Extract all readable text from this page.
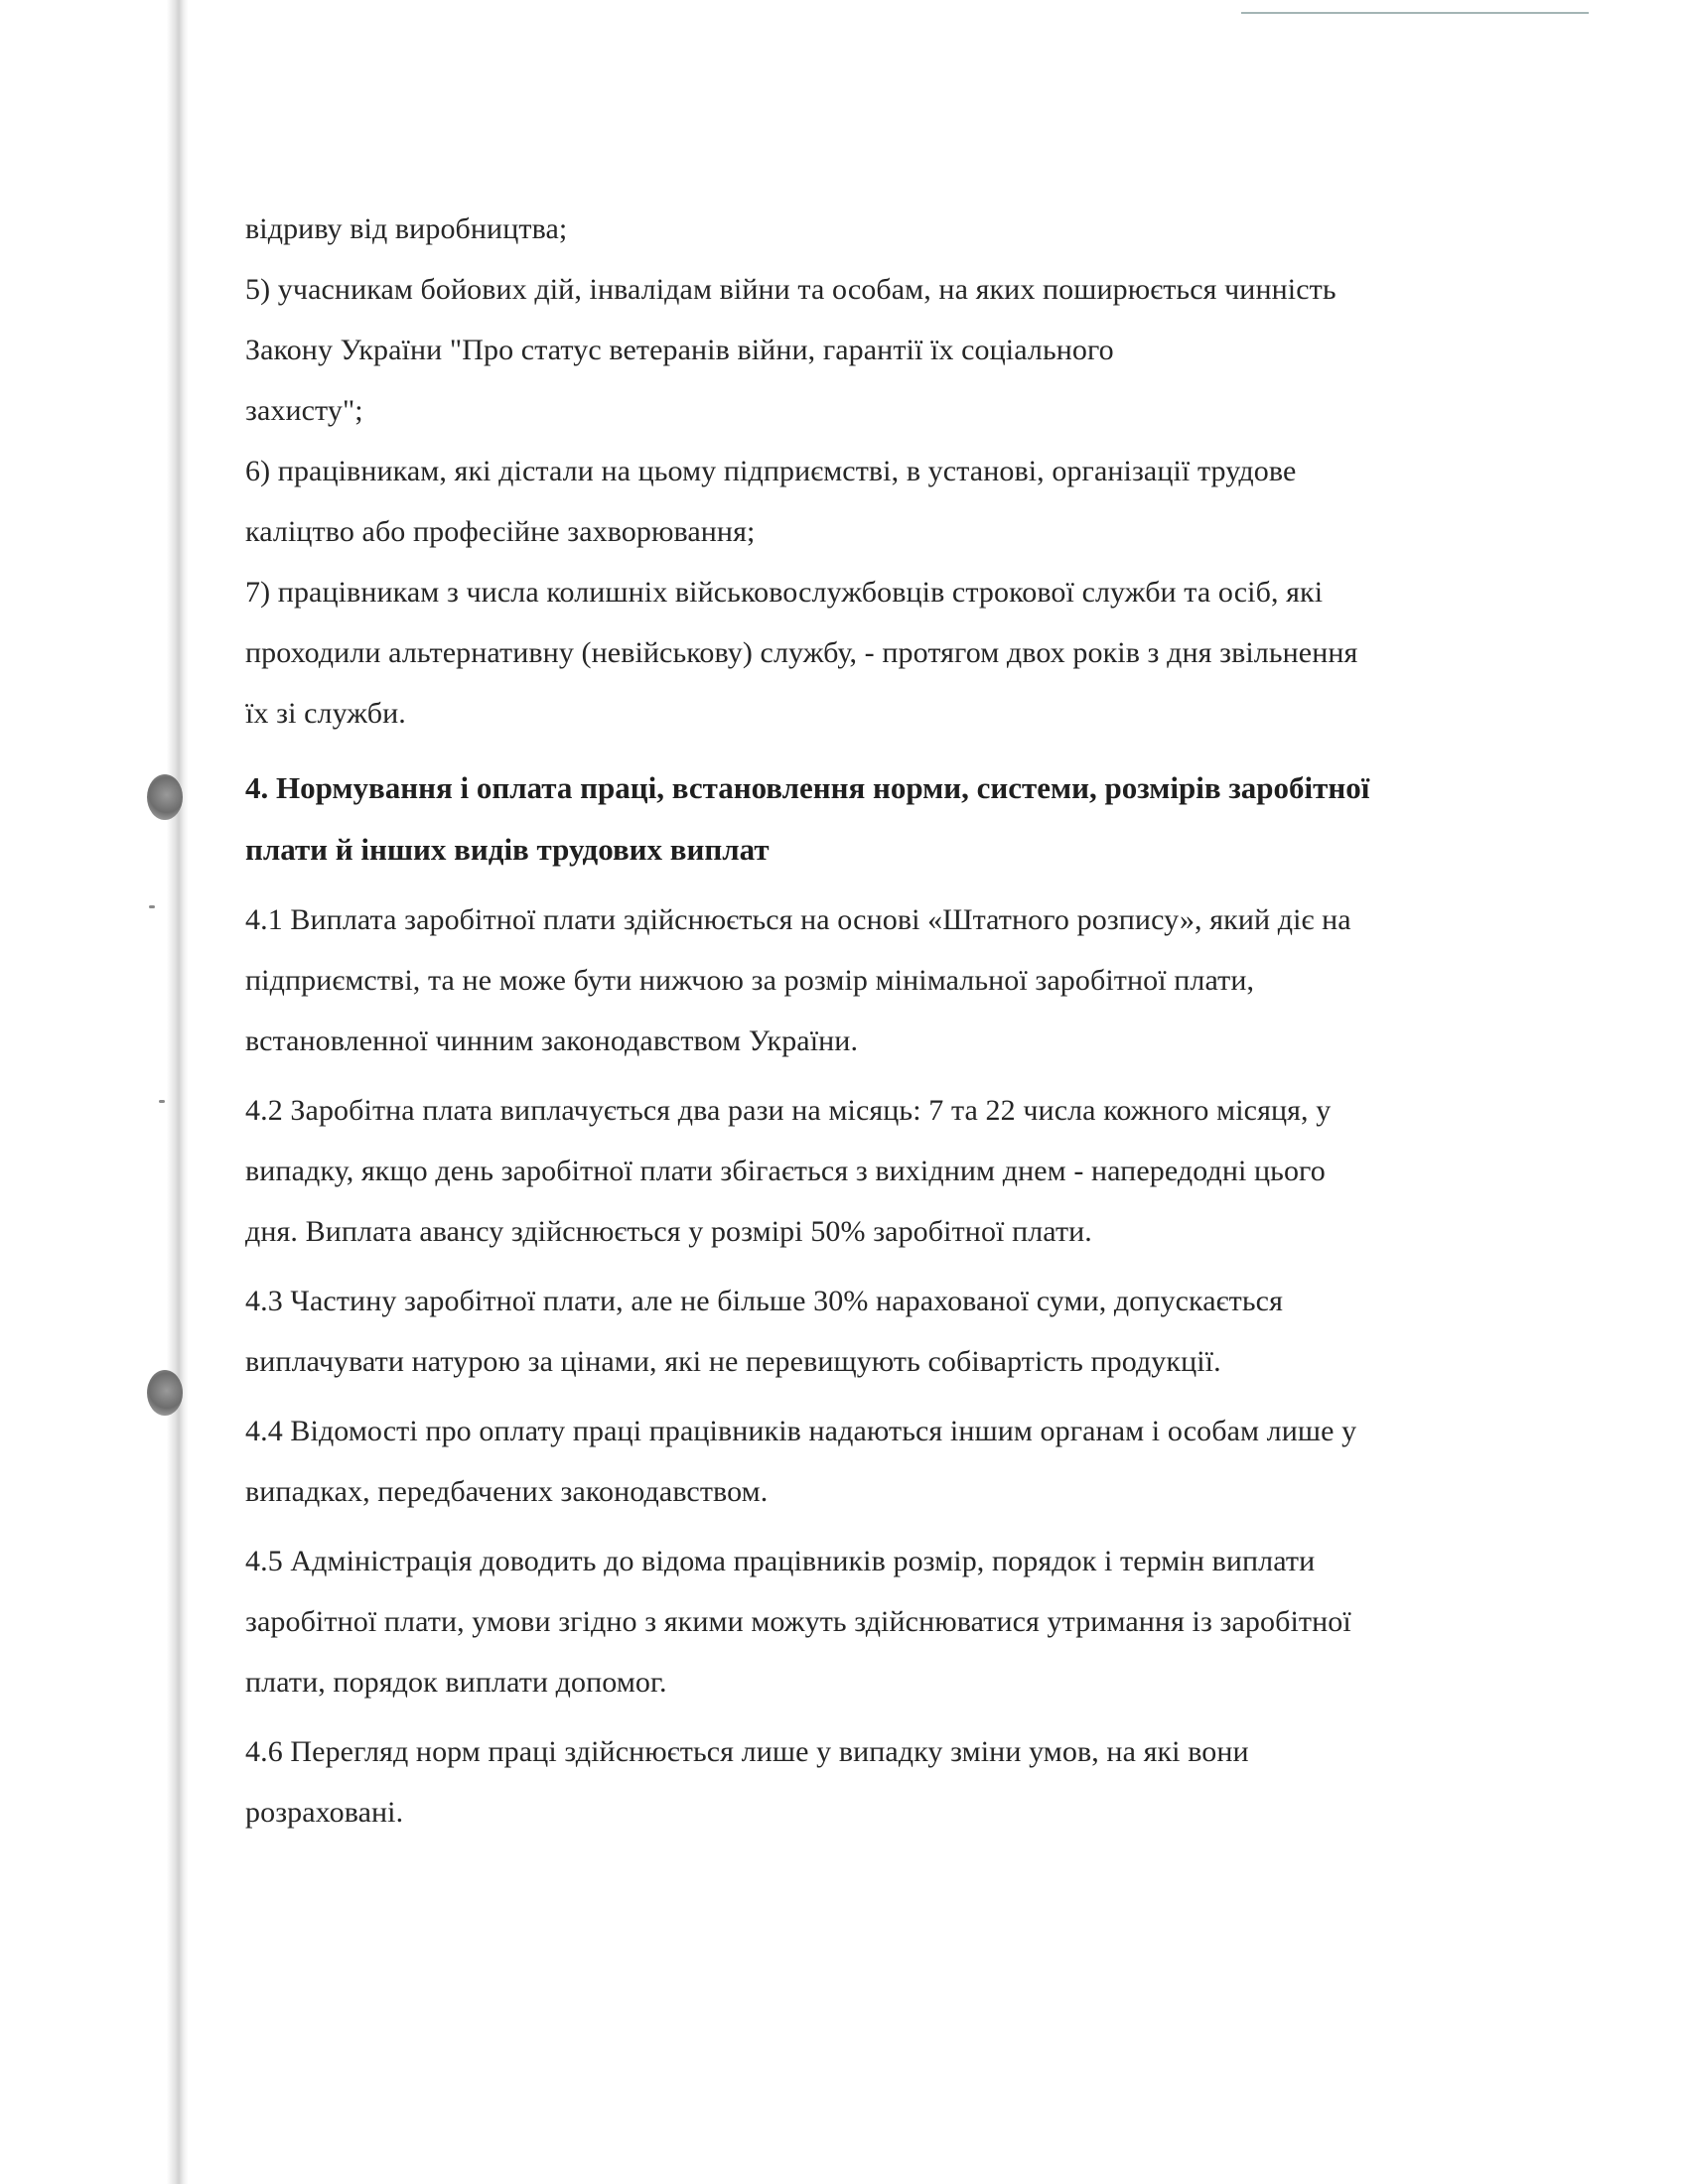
відриву від виробництва;
5) учасникам бойових дій, інвалідам війни та особам, на яких поширюється чинність
Закону України "Про статус ветеранів війни, гарантії їх соціального
захисту";
6) працівникам, які дістали на цьому підприємстві, в установі, організації трудове
каліцтво або професійне захворювання;
7) працівникам з числа колишніх військовослужбовців строкової служби та осіб, які
проходили альтернативну (невійськову) службу, - протягом двох років з дня звільнення
їх зі служби.
4. Нормування і оплата праці, встановлення норми, системи, розмірів заробітної
плати й інших видів трудових виплат
4.1 Виплата заробітної плати здійснюється на основі «Штатного розпису», який діє на
підприємстві, та не може бути нижчою за розмір мінімальної заробітної плати,
встановленної чинним законодавством України.
4.2 Заробітна плата виплачується два рази на місяць: 7 та 22 числа кожного місяця, у
випадку, якщо день заробітної плати збігається з вихідним днем - напередодні цього
дня. Виплата авансу здійснюється у розмірі 50% заробітної плати.
4.3 Частину заробітної плати, але не більше 30% нарахованої суми, допускається
виплачувати натурою за цінами, які не перевищують собівартість продукції.
4.4 Відомості про оплату праці працівників надаються іншим органам і особам лише у
випадках, передбачених законодавством.
4.5 Адміністрація доводить до відома працівників розмір, порядок і термін виплати
заробітної плати, умови згідно з якими можуть здійснюватися утримання із заробітної
плати, порядок виплати допомог.
4.6 Перегляд норм праці здійснюється лише у випадку зміни умов, на які вони
розраховані.
